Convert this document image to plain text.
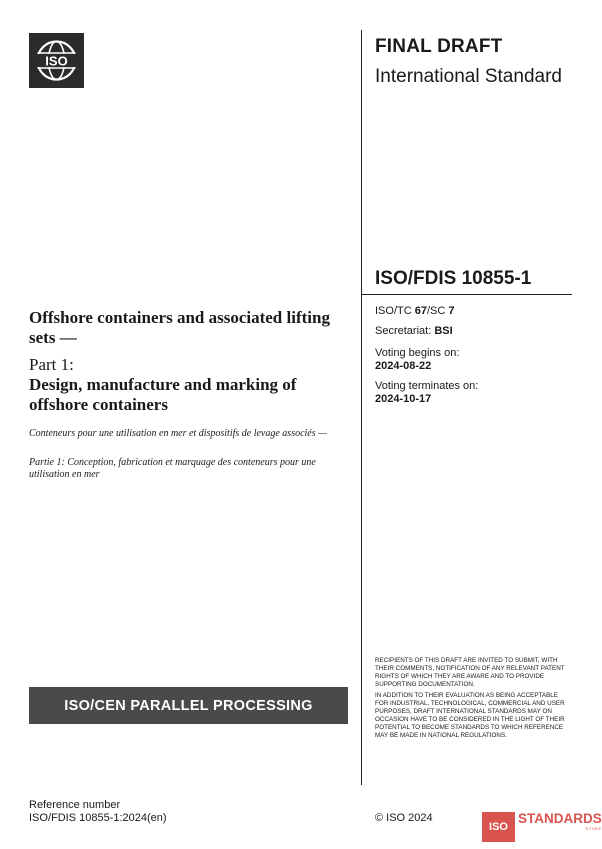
ISO
FINAL DRAFT
International Standard
ISO/FDIS 10855-1
ISO/TC 67/SC 7
Secretariat: BSI
Voting begins on:
2024-08-22
Voting terminates on:
2024-10-17
Offshore containers and associated lifting sets —
Part 1:
Design, manufacture and marking of offshore containers
Conteneurs pour une utilisation en mer et dispositifs de levage associés —
Partie 1: Conception, fabrication et marquage des conteneurs pour une utilisation en mer
RECIPIENTS OF THIS DRAFT ARE INVITED TO SUBMIT, WITH THEIR COMMENTS, NOTIFICATION OF ANY RELEVANT PATENT RIGHTS OF WHICH THEY ARE AWARE AND TO PROVIDE SUPPORTING DOCUMENTATION.
IN ADDITION TO THEIR EVALUATION AS BEING ACCEPTABLE FOR INDUSTRIAL, TECHNOLOGICAL, COMMERCIAL AND USER PURPOSES, DRAFT INTERNATIONAL STANDARDS MAY ON OCCASION HAVE TO BE CONSIDERED IN THE LIGHT OF THEIR POTENTIAL TO BECOME STANDARDS TO WHICH REFERENCE MAY BE MADE IN NATIONAL REGULATIONS.
ISO/CEN PARALLEL PROCESSING
Reference number
ISO/FDIS 10855-1:2024(en)	© ISO 2024
ISO
STANDARDS
STORE
